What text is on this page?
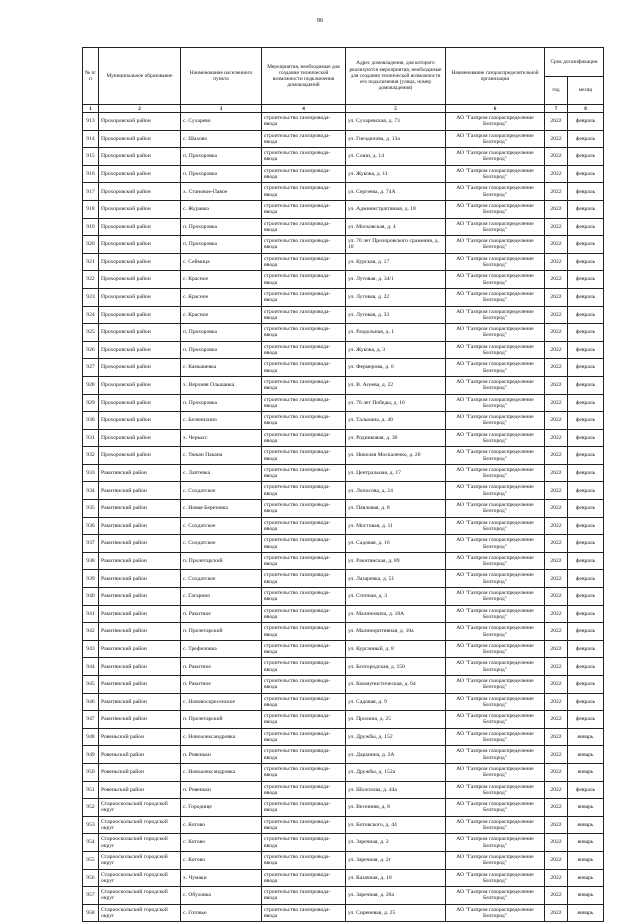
96
№ п/п	Муниципальное образование	Наименование населенного пункта	Мероприятия, необходимые для создания технической возможности подключения домовладений	Адрес домовладения, для которого реализуются мероприятия, необходимые для создания технической возможности его подключения (улица, номер домовладения)	Наименование газораспределительной организации	Срок догазификации	
						год	месяц
1	2	3	4	5	6	7	8
913	Прохоровский район	с. Сухарево	строительство газопровода-ввода	ул. Сухаревская, д. 73	АО "Газпром газораспределение Белгород"	2022	февраль
914	Прохоровский район	с. Шахово	строительство газопровода-ввода	ул. Гнездилова, д. 13а	АО "Газпром газораспределение Белгород"	2022	февраль
915	Прохоровский район	п. Прохоровка	строительство газопровода-ввода	ул. Сошн, д. 14	АО "Газпром газораспределение Белгород"	2022	февраль
916	Прохоровский район	п. Прохоровка	строительство газопровода-ввода	ул. Жукова, д. 11	АО "Газпром газораспределение Белгород"	2022	февраль
917	Прохоровский район	х. Становое-Павое	строительство газопровода-ввода	ул. Сергеева, д. 74А	АО "Газпром газораспределение Белгород"	2022	февраль
918	Прохоровский район	с. Журавка	строительство газопровода-ввода	ул. Администратпвная, д. 18	АО "Газпром газораспределение Белгород"	2022	февраль
919	Прохоровский район	п. Прохоровка	строительство газопровода-ввода	ул. Московская, д. 4	АО "Газпром газораспределение Белгород"	2022	февраль
920	Прохоровский район	п. Прохоровка	строительство газопровода-ввода	ул. 70 лет Прохоровского сражения, д. 10	АО "Газпром газораспределение Белгород"	2022	февраль
921	Прохоровский район	с. Сеймица	строительство газопровода-ввода	ул. Курская, д. 17	АО "Газпром газораспределение Белгород"	2022	февраль
922	Прохоровский район	с. Красное	строительство газопровода-ввода	ул. Лутовая, д. 34/1	АО "Газпром газораспределение Белгород"	2022	февраль
923	Прохоровский район	с. Красное	строительство газопровода-ввода	ул. Луговая, д. 22	АО "Газпром газораспределение Белгород"	2022	февраль
924	Прохоровский район	с. Красное	строительство газопровода-ввода	ул. Луговая, д. 33	АО "Газпром газораспределение Белгород"	2022	февраль
925	Прохоровский район	п. Прохоровка	строительство газопровода-ввода	ул. Раздольная, д. 1	АО "Газпром газораспределение Белгород"	2022	февраль
926	Прохоровский район	п. Прохоровка	строительство газопровода-ввода	ул. Жукова, д. 3	АО "Газпром газораспределение Белгород"	2022	февраль
927	Прохоровский район	с. Камышевка	строительство газопровода-ввода	ул. Фермерова, д. 6	АО "Газпром газораспределение Белгород"	2022	февраль
928	Прохоровский район	х. Верхняя Ольшанка	строительство газопровода-ввода	ул. В. Асеева, д. 22	АО "Газпром газораспределение Белгород"	2022	февраль
929	Прохоровский район	п. Прохоровка	строительство газопровода-ввода	ул. 70 лет Победы, д. 16	АО "Газпром газораспределение Белгород"	2022	февраль
930	Прохоровский район	с. Беленихино	строительство газопровода-ввода	ул. Тальмана, д. 40	АО "Газпром газораспределение Белгород"	2022	февраль
931	Прохоровский район	х. Черкасс	строительство газопровода-ввода	ул. Родниковая, д. 36	АО "Газпром газораспределение Белгород"	2022	февраль
932	Прохоровский район	с. Тюкан Пакана	строительство газопровода-ввода	ул. Николая Москаленко, д. 20	АО "Газпром газораспределение Белгород"	2022	февраль
933	Ракитянский район	с. Лаптевка	строительство газопровода-ввода	ул. Центральная, д. 17	АО "Газпром газораспределение Белгород"	2022	февраль
934	Ракитянский район	с. Солдатское	строительство газопровода-ввода	ул. Лопосова, д. 24	АО "Газпром газораспределение Белгород"	2022	февраль
935	Ракитянский район	с. Новая Березовка	строительство газопровода-ввода	ул. Павловая, д. 8	АО "Газпром газораспределение Белгород"	2022	февраль
936	Ракитянский район	с. Солдатское	строительство газопровода-ввода	ул. Мостовая, д. 11	АО "Газпром газораспределение Белгород"	2022	февраль
937	Ракитянский район	с. Солдатское	строительство газопровода-ввода	ул. Садовая, д. 16	АО "Газпром газораспределение Белгород"	2022	февраль
938	Ракитянский район	п. Пролетарский	строительство газопровода-ввода	ул. Ракитянская, д. 89	АО "Газпром газораспределение Белгород"	2022	февраль
939	Ракитянский район	с. Солдатское	строительство газопровода-ввода	ул. Лазаревка, д. 51	АО "Газпром газораспределение Белгород"	2022	февраль
940	Ракитянский район	с. Гагарино	строительство газопровода-ввода	ул. Степная, д. 3	АО "Газпром газораспределение Белгород"	2022	февраль
941	Ракитянский район	п. Ракитное	строительство газопровода-ввода	ул. Малиновича, д. 18А	АО "Газпром газораспределение Белгород"	2022	февраль
942	Ракитянский район	п. Пролетарский	строительство газопровода-ввода	ул. Малиноритивная, д. 10а	АО "Газпром газораспределение Белгород"	2022	февраль
943	Ракитянский район	с. Трефиловка	строительство газопровода-ввода	ул. Курганный, д. 8	АО "Газпром газораспределение Белгород"	2022	февраль
944	Ракитянский район	п. Ракитное	строительство газопровода-ввода	ул. Белгородская, д. 150	АО "Газпром газораспределение Белгород"	2022	февраль
945	Ракитянский район	п. Ракитное	строительство газопровода-ввода	ул. Коммунистическая, д. 64	АО "Газпром газораспределение Белгород"	2022	февраль
946	Ракитянский район	с. Нововоскресенское	строительство газопровода-ввода	ул. Садовая, д. 9	АО "Газпром газораспределение Белгород"	2022	февраль
947	Ракитянский район	п. Пролетарский	строительство газопровода-ввода	ул. Пролина, д. 25	АО "Газпром газораспределение Белгород"	2022	февраль
948	Ровеньский район	с. Новоалександровка	строительство газопровода-ввода	ул. Дружбы, д. 152	АО "Газпром газораспределение Белгород"	2022	январь
949	Ровеньский район	п. Ровеньки	строительство газопровода-ввода	ул. Даранина, д. 2А	АО "Газпром газораспределение Белгород"	2022	январь
950	Ровеньский район	с. Новоалександровка	строительство газопровода-ввода	ул. Дружбы, д. 152а	АО "Газпром газораспределение Белгород"	2022	январь
951	Ровеньский район	п. Ровеньки	строительство газопровода-ввода	ул. Шолохова, д. 44а	АО "Газпром газораспределение Белгород"	2022	февраль
952	Старооскольский городской округ	с. Городище	строительство газопровода-ввода	ул. Весенняя, д. 8	АО "Газпром газораспределение Белгород"	2022	январь
953	Старооскольский городской округ	с. Котово	строительство газопровода-ввода	ул. Котовского, д. 44	АО "Газпром газораспределение Белгород"	2022	январь
954	Старооскольский городской округ	с. Котово	строительство газопровода-ввода	ул. Заречная, д. 2	АО "Газпром газораспределение Белгород"	2022	январь
955	Старооскольский городской округ	с. Котово	строительство газопровода-ввода	ул. Заречная, д. 2г	АО "Газпром газораспределение Белгород"	2022	январь
956	Старооскольский городской округ	х. Чумаки	строительство газопровода-ввода	ул. Казачная, д. 10	АО "Газпром газораспределение Белгород"	2022	январь
957	Старооскольский городской округ	с. Обуховка	строительство газопровода-ввода	ул. Заречная, д. 20а	АО "Газпром газораспределение Белгород"	2022	январь
958	Старооскольский городской округ	с. Готовье	строительство газопровода-ввода	ул. Сиреневая, д. 25	АО "Газпром газораспределение Белгород"	2022	январь
